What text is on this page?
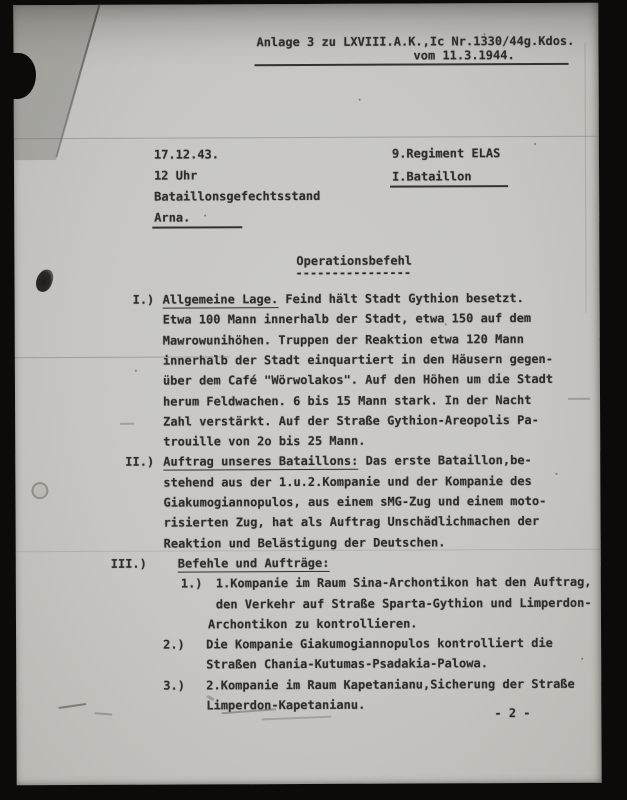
Anlage 3 zu LXVIII.A.K.,Ic Nr.1330/44g.Kdos.
vom 11.3.1944.
17.12.43.
12 Uhr
Bataillonsgefechtsstand
Arna.
9.Regiment ELAS
I.Bataillon
Operationsbefehl
----------------
I.) Allgemeine Lage. Feind hält Stadt Gythion besetzt.
Etwa 100 Mann innerhalb der Stadt, etwa 150 auf dem
Mawrowunihöhen. Truppen der Reaktion etwa 120 Mann
innerhalb der Stadt einquartiert in den Häusern gegen-
über dem Café "Wörwolakos". Auf den Höhen um die Stadt
herum Feldwachen. 6 bis 15 Mann stark. In der Nacht
Zahl verstärkt. Auf der Straße Gythion-Areopolis Pa-
trouille von 2o bis 25 Mann.
II.) Auftrag unseres Bataillons: Das erste Bataillon,be-
stehend aus der 1.u.2.Kompanie und der Kompanie des
Giakumogiannopulos, aus einem sMG-Zug und einem moto-
risierten Zug, hat als Auftrag Unschädlichmachen der
Reaktion und Belästigung der Deutschen.
III.)	Befehle und Aufträge:
1.) 1.Kompanie im Raum Sina-Archontikon hat den Auftrag,
den Verkehr auf Straße Sparta-Gythion und Limperdon-
Archontikon zu kontrollieren.
2.) Die Kompanie Giakumogiannopulos kontrolliert die
Straßen Chania-Kutumas-Psadakia-Palowa.
3.) 2.Kompanie im Raum Kapetanianu,Sicherung der Straße
Limperdon-Kapetanianu.
- 2 -
